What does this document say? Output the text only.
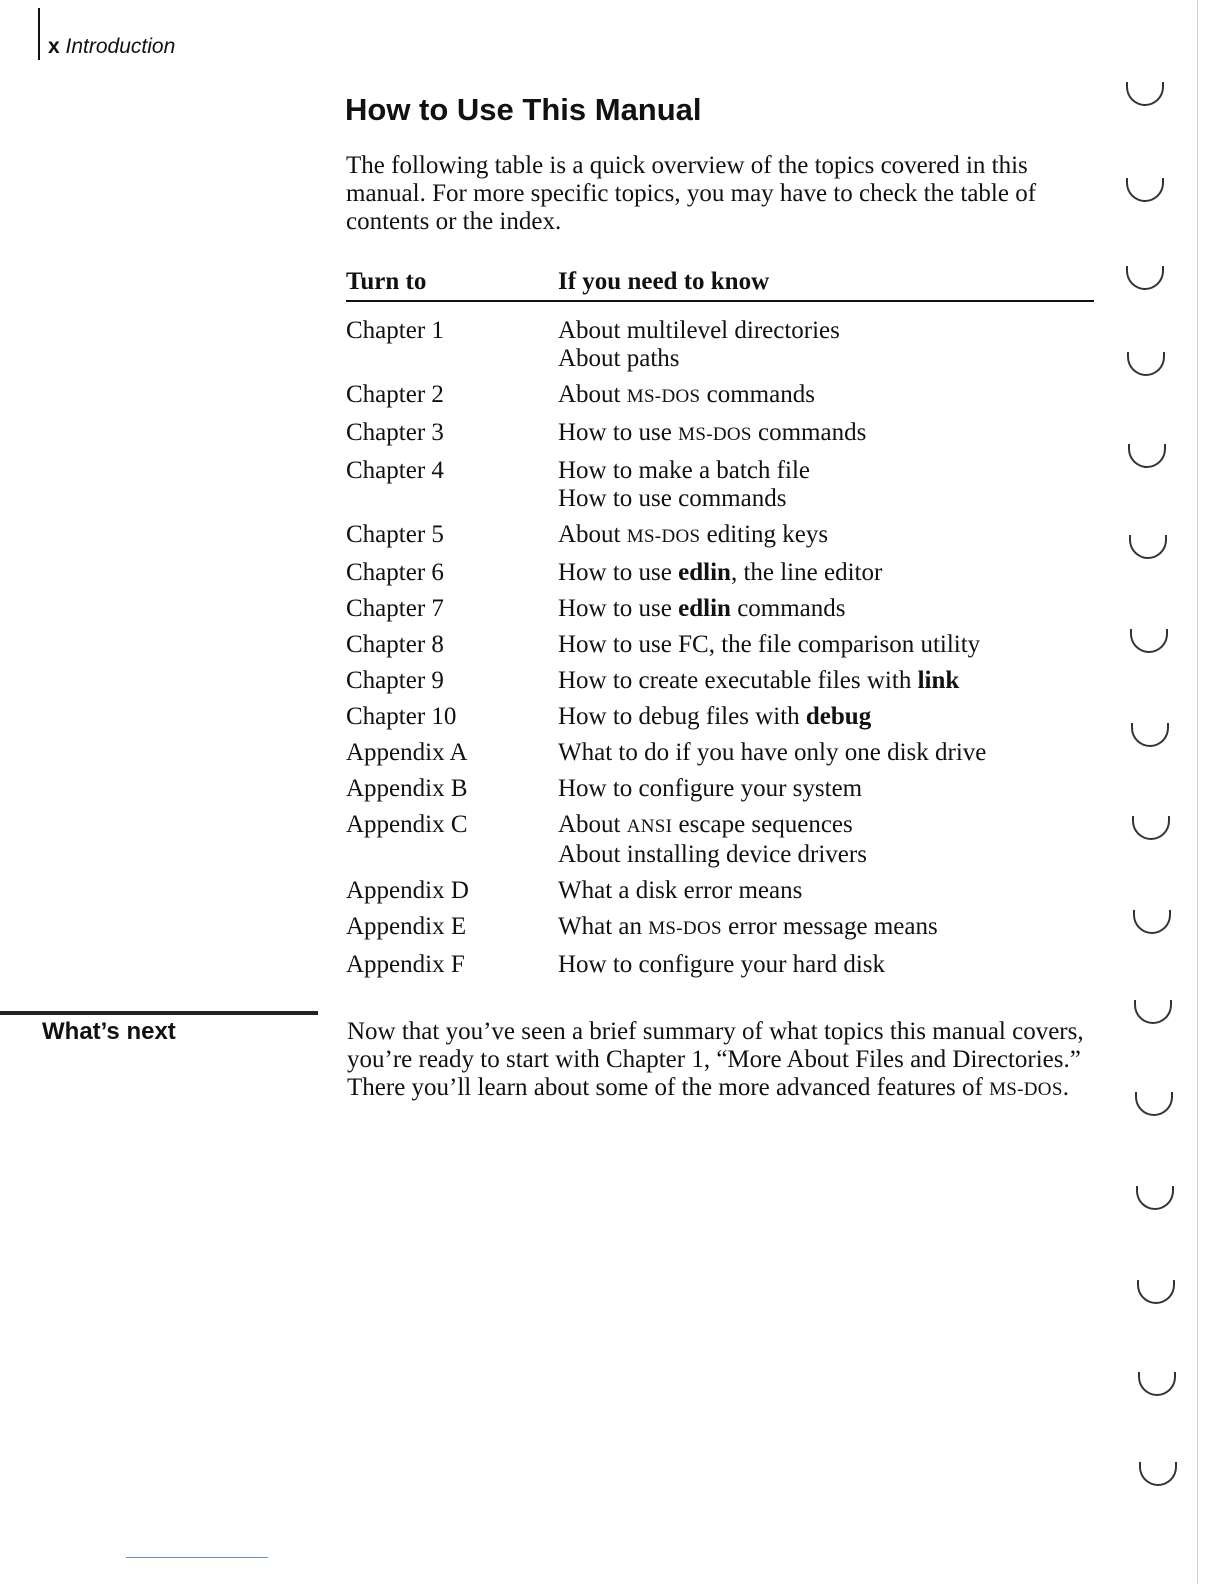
x Introduction
How to Use This Manual

The following table is a quick overview of the topics covered in this manual. For more specific topics, you may have to check the table of contents or the index.

Turn to	If you need to know
Chapter 1	About multilevel directories
About paths
Chapter 2	About MS-DOS commands
Chapter 3	How to use MS-DOS commands
Chapter 4	How to make a batch file
How to use commands
Chapter 5	About MS-DOS editing keys
Chapter 6	How to use edlin, the line editor
Chapter 7	How to use edlin commands
Chapter 8	How to use FC, the file comparison utility
Chapter 9	How to create executable files with link
Chapter 10	How to debug files with debug
Appendix A	What to do if you have only one disk drive
Appendix B	How to configure your system
Appendix C	About ANSI escape sequences
About installing device drivers
Appendix D	What a disk error means
Appendix E	What an MS-DOS error message means
Appendix F	How to configure your hard disk
What’s next	Now that you’ve seen a brief summary of what topics this manual covers, you’re ready to start with Chapter 1, “More About Files and Directories.” There you’ll learn about some of the more advanced features of MS-DOS.
